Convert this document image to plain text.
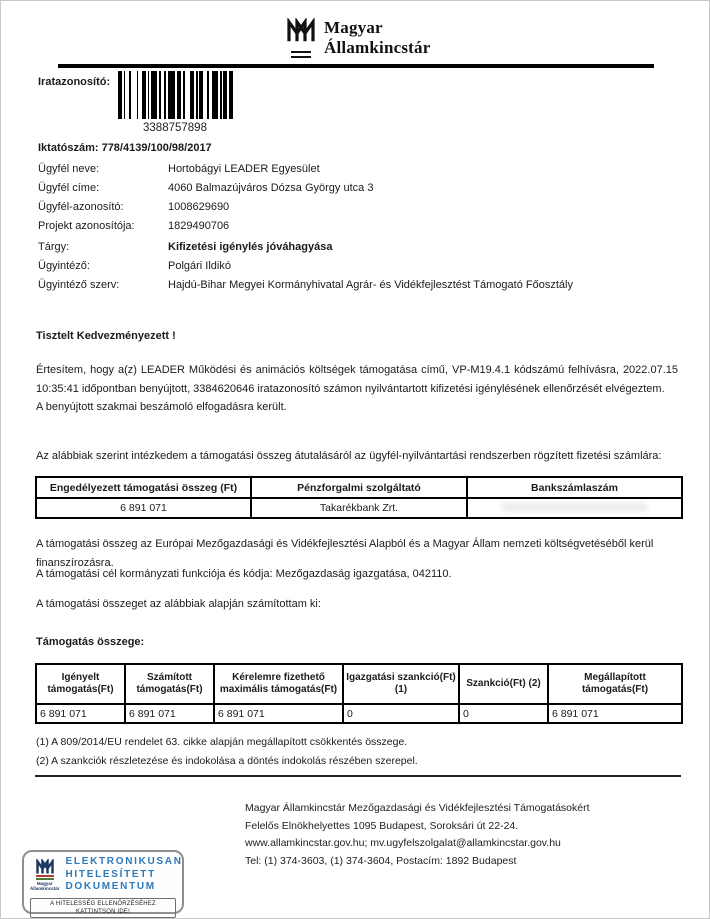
Magyar
Államkincstár
Iratazonosító:
3388757898
Iktatószám: 778/4139/100/98/2017
Ügyfél neve:	Hortobágyi LEADER Egyesület
Ügyfél címe:	4060 Balmazújváros Dózsa György utca 3
Ügyfél-azonosító:	1008629690
Projekt azonosítója:	1829490706
Tárgy:	Kifizetési igénylés jóváhagyása
Ügyintéző:	Polgári Ildikó
Ügyintéző szerv:	Hajdú-Bihar Megyei Kormányhivatal Agrár- és Vidékfejlesztést Támogató Főosztály
Tisztelt Kedvezményezett !
Értesítem, hogy a(z) LEADER Működési és animációs költségek támogatása című, VP-M19.4.1 kódszámú felhívásra, 2022.07.15 10:35:41 időpontban benyújtott, 3384620646 iratazonosító számon nyilvántartott kifizetési igénylésének ellenőrzését elvégeztem.
A benyújtott szakmai beszámoló elfogadásra került.
Az alábbiak szerint intézkedem a támogatási összeg átutalásáról az ügyfél-nyilvántartási rendszerben rögzített fizetési számlára:
Engedélyezett támogatási összeg (Ft)	Pénzforgalmi szolgáltató	Bankszámlaszám
6 891 071	Takarékbank Zrt.	
A támogatási összeg az Európai Mezőgazdasági és Vidékfejlesztési Alapból és a Magyar Állam nemzeti költségvetéséből kerül finanszírozásra.
A támogatási cél kormányzati funkciója és kódja: Mezőgazdaság igazgatása, 042110.
A támogatási összeget az alábbiak alapján számítottam ki:
Támogatás összege:
Igényelt támogatás(Ft)	Számított támogatás(Ft)	Kérelemre fizethető maximális támogatás(Ft)	Igazgatási szankció(Ft) (1)	Szankció(Ft) (2)	Megállapított támogatás(Ft)
6 891 071	6 891 071	6 891 071	0	0	6 891 071
(1) A 809/2014/EU rendelet 63. cikke alapján megállapított csökkentés összege.
(2) A szankciók részletezése és indokolása a döntés indokolás részében szerepel.
Magyar Államkincstár Mezőgazdasági és Vidékfejlesztési Támogatásokért
Felelős Elnökhelyettes 1095 Budapest, Soroksári út 22-24.
www.allamkincstar.gov.hu; mv.ugyfelszolgalat@allamkincstar.gov.hu
Tel: (1) 374-3603, (1) 374-3604, Postacím: 1892 Budapest
Magyar Államkincstár
ELEKTRONIKUSAN
HITELESÍTETT
DOKUMENTUM
A HITELESSÉG ELLENŐRZÉSÉHEZ KATTINTSON IDE!
